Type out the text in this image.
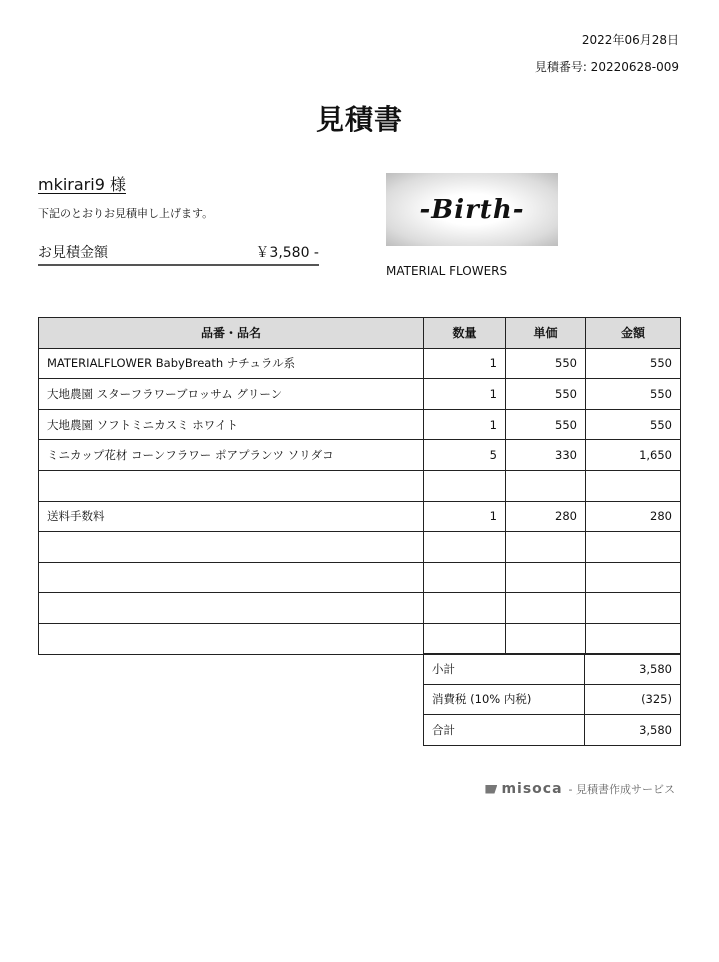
2022年06月28日
見積番号: 20220628-009
見積書
mkirari9 様
下記のとおりお見積申し上げます。
お見積金額	￥3,580 -
-Birth-
MATERIAL FLOWERS
品番・品名	数量	単価	金額
MATERIALFLOWER BabyBreath ナチュラル系	1	550	550
大地農園 スターフラワーブロッサム グリーン	1	550	550
大地農園 ソフトミニカスミ ホワイト	1	550	550
ミニカップ花材 コーンフラワー ポアプランツ ソリダコ	5	330	1,650

送料手数料	1	280	280

小計	3,580
消費税 (10% 内税)	(325)
合計	3,580
misoca - 見積書作成サービス
